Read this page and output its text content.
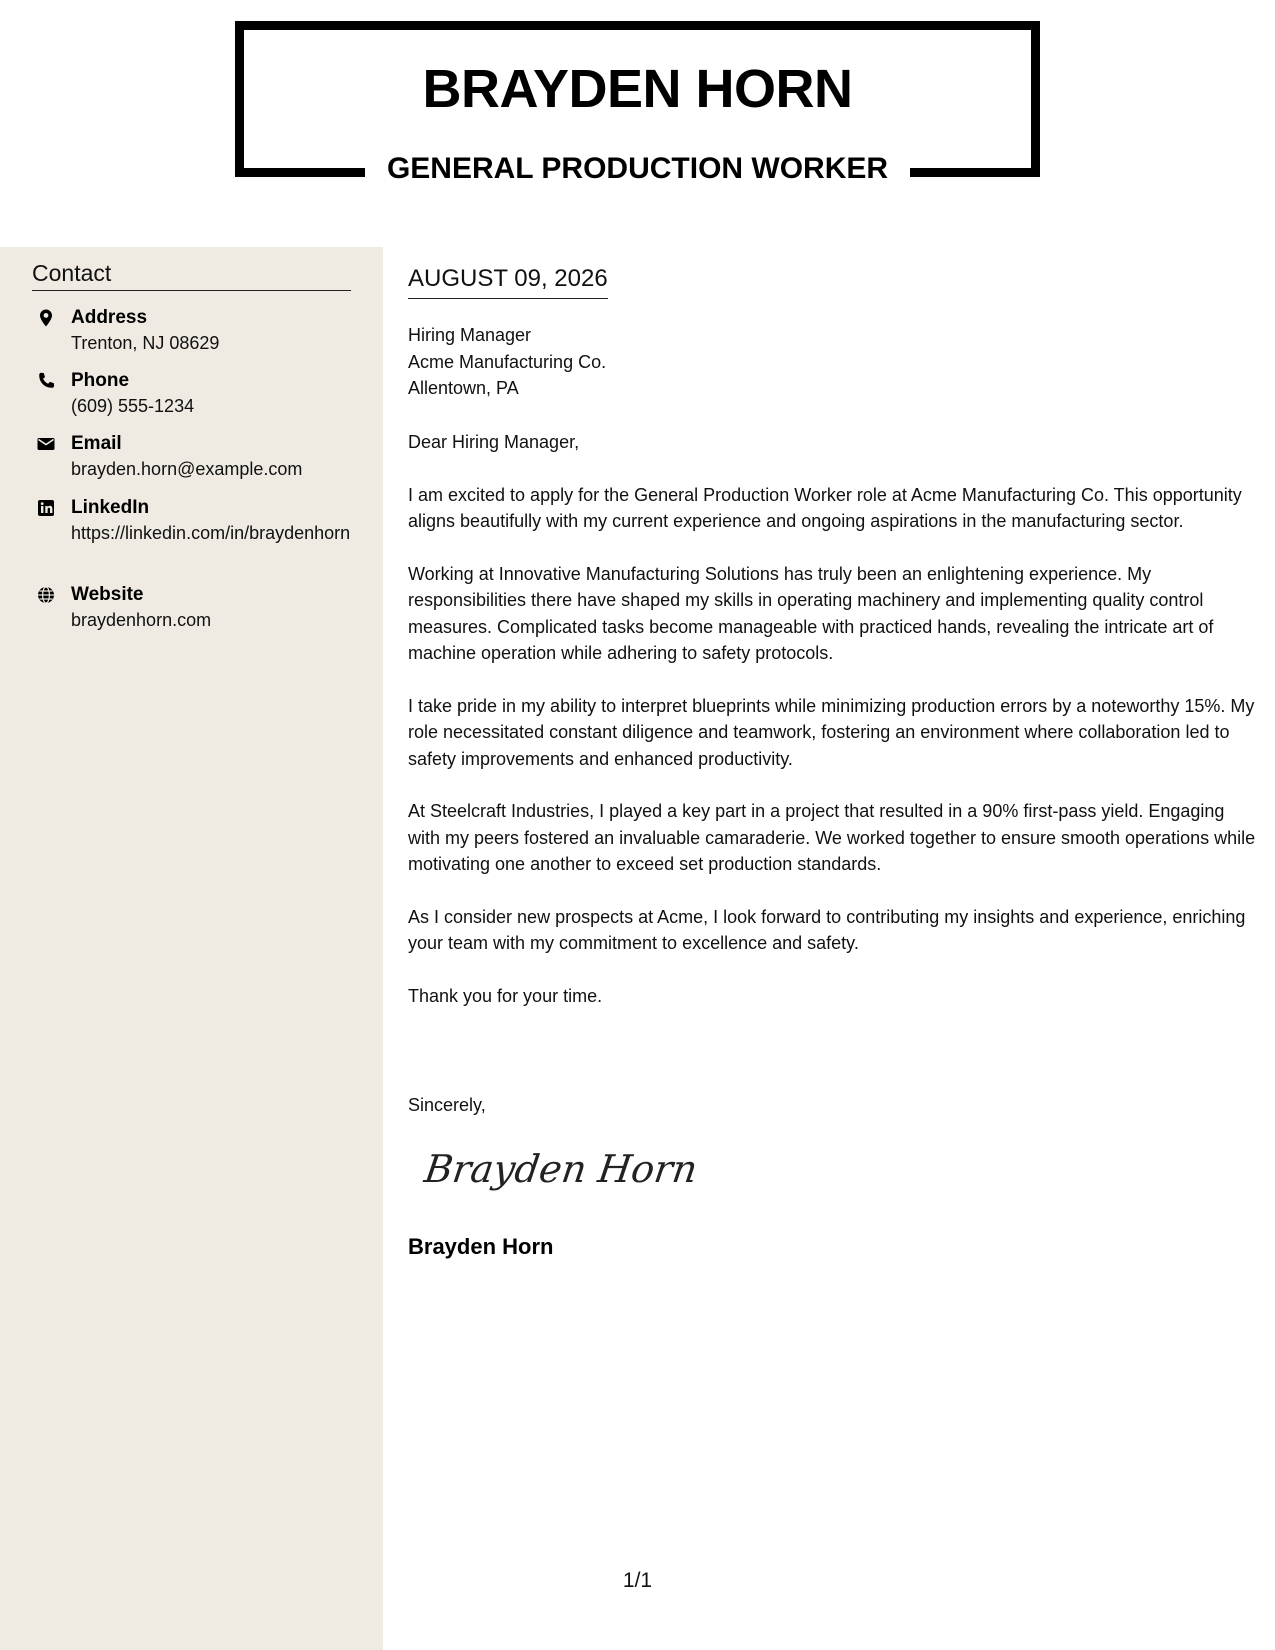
BRAYDEN HORN
GENERAL PRODUCTION WORKER
Contact
Address
Trenton, NJ 08629
Phone
(609) 555-1234
Email
brayden.horn@example.com
LinkedIn
https://linkedin.com/in/braydenhorn
Website
braydenhorn.com
AUGUST 09, 2026
Hiring Manager
Acme Manufacturing Co.
Allentown, PA

Dear Hiring Manager,

I am excited to apply for the General Production Worker role at Acme Manufacturing Co. This opportunity aligns beautifully with my current experience and ongoing aspirations in the manufacturing sector.

Working at Innovative Manufacturing Solutions has truly been an enlightening experience. My responsibilities there have shaped my skills in operating machinery and implementing quality control measures. Complicated tasks become manageable with practiced hands, revealing the intricate art of machine operation while adhering to safety protocols.

I take pride in my ability to interpret blueprints while minimizing production errors by a noteworthy 15%. My role necessitated constant diligence and teamwork, fostering an environment where collaboration led to safety improvements and enhanced productivity.

At Steelcraft Industries, I played a key part in a project that resulted in a 90% first-pass yield. Engaging with my peers fostered an invaluable camaraderie. We worked together to ensure smooth operations while motivating one another to exceed set production standards.

As I consider new prospects at Acme, I look forward to contributing my insights and experience, enriching your team with my commitment to excellence and safety.

Thank you for your time.

Sincerely,
Brayden Horn
Brayden Horn
1/1
